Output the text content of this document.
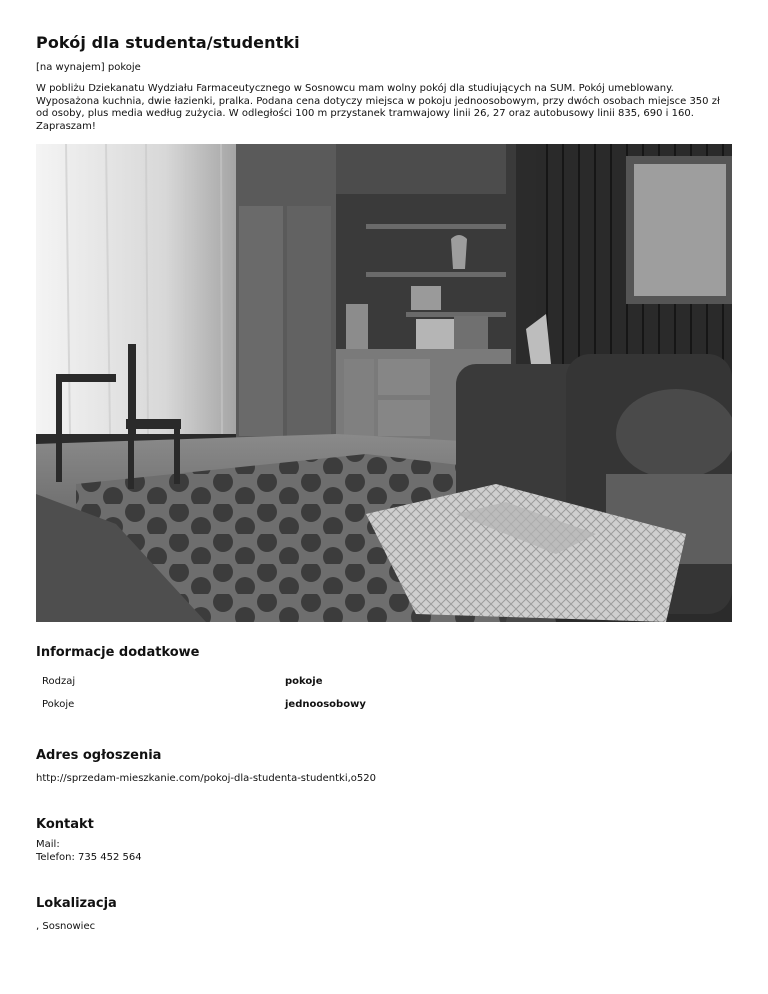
Pokój dla studenta/studentki
[na wynajem] pokoje
W pobliżu Dziekanatu Wydziału Farmaceutycznego w Sosnowcu mam wolny pokój dla studiujących na SUM. Pokój umeblowany. Wyposażona kuchnia, dwie łazienki, pralka. Podana cena dotyczy miejsca w pokoju jednoosobowym, przy dwóch osobach miejsce 350 zł od osoby, plus media według zużycia. W odległości 100 m przystanek tramwajowy linii 26, 27 oraz autobusowy linii 835, 690 i 160. Zapraszam!
Informacje dodatkowe
Rodzaj	pokoje
Pokoje	jednoosobowy
Adres ogłoszenia
http://sprzedam-mieszkanie.com/pokoj-dla-studenta-studentki,o520
Kontakt
Mail:
Telefon: 735 452 564
Lokalizacja
, Sosnowiec
